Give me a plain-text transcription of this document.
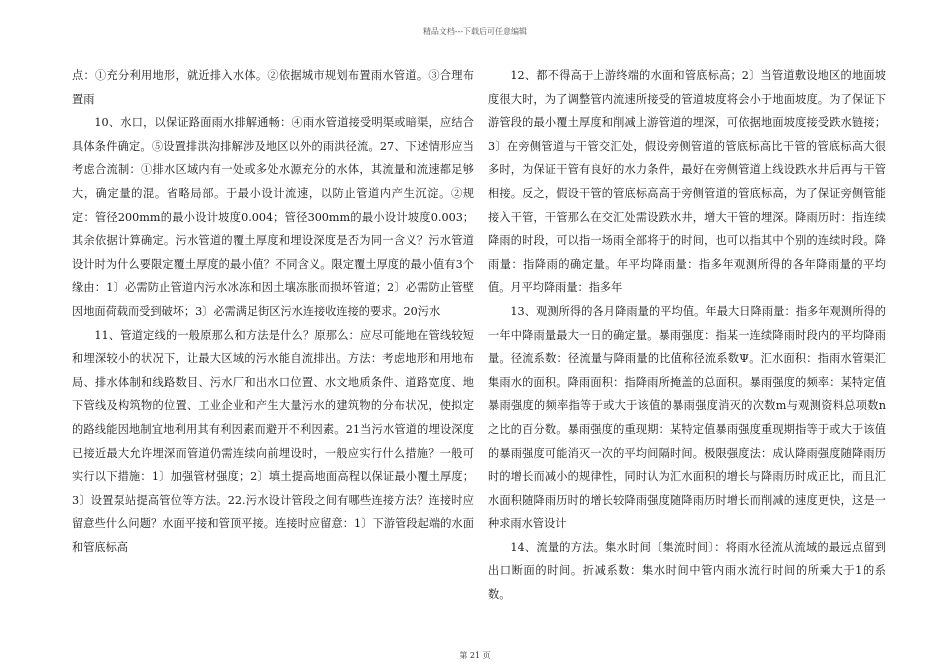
精品文档---下载后可任意编辑

点：①充分利用地形，就近排入水体。②依据城市规划布置雨水管道。③合理布置雨

10、水口，以保证路面雨水排解通畅：④雨水管道接受明渠或暗渠，应结合具体条件确定。⑤设置排洪沟排解涉及地区以外的雨洪径流。27、下述情形应当考虑合流制：①排水区域内有一处或多处水源充分的水体，其流量和流速都足够大，确定量的混。省略局部。于最小设计流速，以防止管道内产生沉淀。②规定：管径200mm的最小设计坡度0.004；管径300mm的最小设计坡度0.003；其余依据计算确定。污水管道的覆土厚度和埋设深度是否为同一含义？污水管道设计时为什么要限定覆土厚度的最小值？不同含义。限定覆土厚度的最小值有3个缘由：1〕必需防止管道内污水冰冻和因土壤冻胀而损坏管道；2〕必需防止管壁因地面荷载而受到破坏；3〕必需满足街区污水连接收连接的要求。20污水

11、管道定线的一般原那么和方法是什么？原那么：应尽可能地在管线较短和埋深较小的状况下，让最大区域的污水能自流排出。方法：考虑地形和用地布局、排水体制和线路数目、污水厂和出水口位置、水文地质条件、道路宽度、地下管线及构筑物的位置、工业企业和产生大量污水的建筑物的分布状况，使拟定的路线能因地制宜地利用其有利因素而避开不利因素。21当污水管道的埋设深度已接近最大允许埋深而管道仍需连续向前埋设时，一般应实行什么措施？一般可实行以下措施：1〕加强管材强度；2〕填土提高地面高程以保证最小覆土厚度；3〕设置泵站提高管位等方法。22.污水设计管段之间有哪些连接方法？连接时应留意些什么问题？水面平接和管顶平接。连接时应留意：1〕下游管段起端的水面和管底标高

12、都不得高于上游终端的水面和管底标高；2〕当管道敷设地区的地面坡度很大时，为了调整管内流速所接受的管道坡度将会小于地面坡度。为了保证下游管段的最小覆土厚度和削减上游管道的埋深，可依据地面坡度接受跌水链接；3〕在旁侧管道与干管交汇处，假设旁侧管道的管底标高比干管的管底标高大很多时，为保证干管有良好的水力条件，最好在旁侧管道上线设跌水井后再与干管相接。反之，假设干管的管底标高高于旁侧管道的管底标高，为了保证旁侧管能接入干管，干管那么在交汇处需设跌水井，增大干管的埋深。降雨历时：指连续降雨的时段，可以指一场雨全部将于的时间，也可以指其中个别的连续时段。降雨量：指降雨的确定量。年平均降雨量：指多年观测所得的各年降雨量的平均值。月平均降雨量：指多年

13、观测所得的各月降雨量的平均值。年最大日降雨量：指多年观测所得的一年中降雨量最大一日的确定量。暴雨强度：指某一连续降雨时段内的平均降雨量。径流系数：径流量与降雨量的比值称径流系数Ψ。汇水面积：指雨水管渠汇集雨水的面积。降雨面积：指降雨所掩盖的总面积。暴雨强度的频率：某特定值暴雨强度的频率指等于或大于该值的暴雨强度消灭的次数m与观测资料总项数n之比的百分数。暴雨强度的重现期：某特定值暴雨强度重现期指等于或大于该值的暴雨强度可能消灭一次的平均间隔时间。极限强度法：成认降雨强度随降雨历时的增长而减小的规律性，同时认为汇水面积的增长与降雨历时成正比，而且汇水面积随降雨历时的增长较降雨强度随降雨历时增长而削减的速度更快，这是一种求雨水管设计

14、流量的方法。集水时间〔集流时间〕：将雨水径流从流域的最远点留到出口断面的时间。折减系数：集水时间中管内雨水流行时间的所乘大于1的系数。

第 21 页
